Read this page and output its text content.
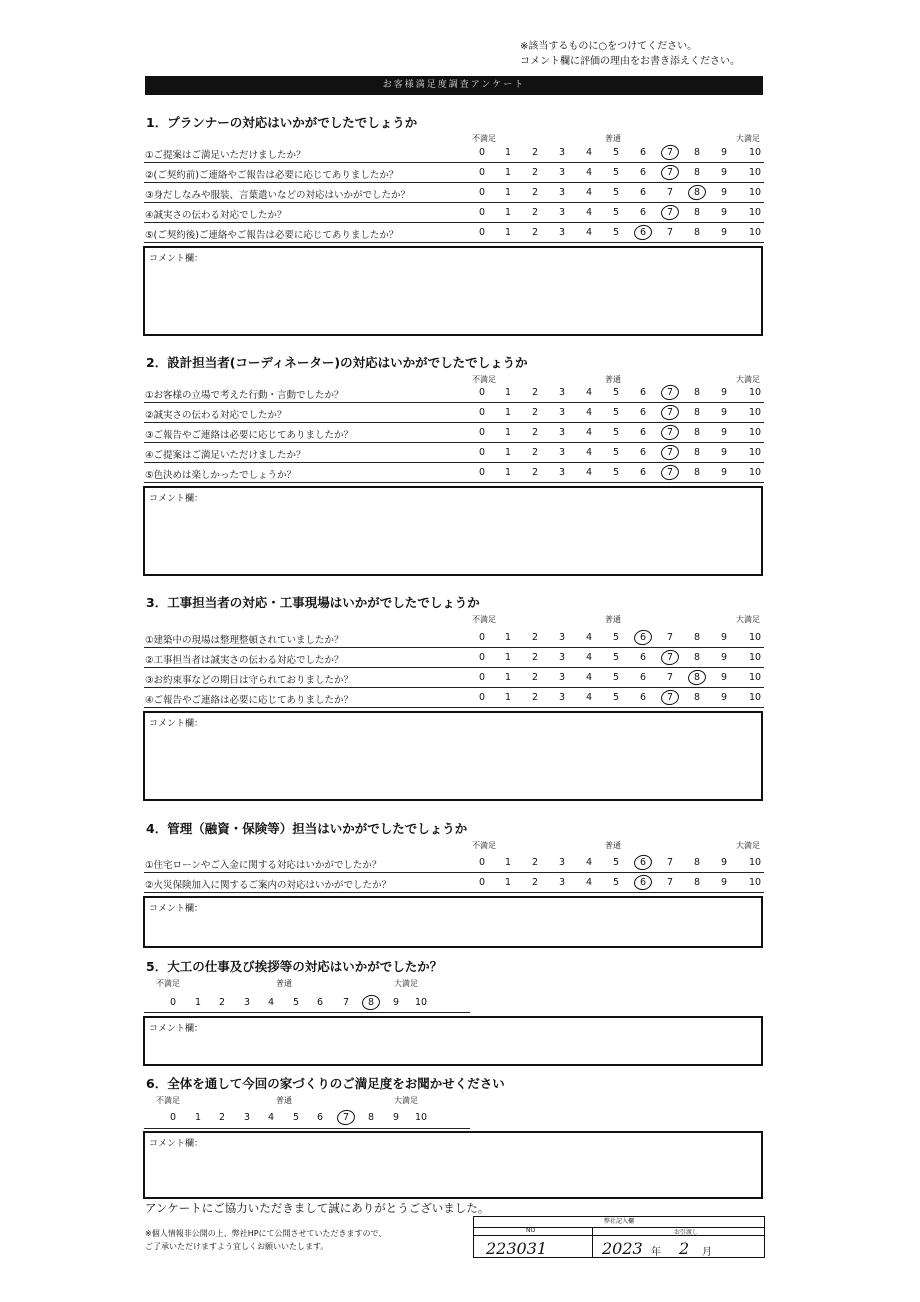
※該当するものに○をつけてください。
コメント欄に評価の理由をお書き添えください。
お客様満足度調査アンケート
1．プランナーの対応はいかがでしたでしょうか
不満足	普通	大満足
①ご提案はご満足いただけましたか？	0	1	2	3	4	5	6	7	8	9	10
②(ご契約前)ご連絡やご報告は必要に応じてありましたか？	0	1	2	3	4	5	6	7	8	9	10
③身だしなみや服装、言葉遣いなどの対応はいかがでしたか？	0	1	2	3	4	5	6	7	8	9	10
④誠実さの伝わる対応でしたか？	0	1	2	3	4	5	6	7	8	9	10
⑤(ご契約後)ご連絡やご報告は必要に応じてありましたか？	0	1	2	3	4	5	6	7	8	9	10
コメント欄：
2．設計担当者(コーディネーター)の対応はいかがでしたでしょうか
不満足	普通	大満足
①お客様の立場で考えた行動・言動でしたか？	0	1	2	3	4	5	6	7	8	9	10
②誠実さの伝わる対応でしたか？	0	1	2	3	4	5	6	7	8	9	10
③ご報告やご連絡は必要に応じてありましたか？	0	1	2	3	4	5	6	7	8	9	10
④ご提案はご満足いただけましたか？	0	1	2	3	4	5	6	7	8	9	10
⑤色決めは楽しかったでしょうか？	0	1	2	3	4	5	6	7	8	9	10
コメント欄：
3．工事担当者の対応・工事現場はいかがでしたでしょうか
不満足	普通	大満足
①建築中の現場は整理整頓されていましたか？	0	1	2	3	4	5	6	7	8	9	10
②工事担当者は誠実さの伝わる対応でしたか？	0	1	2	3	4	5	6	7	8	9	10
③お約束事などの期日は守られておりましたか？	0	1	2	3	4	5	6	7	8	9	10
④ご報告やご連絡は必要に応じてありましたか？	0	1	2	3	4	5	6	7	8	9	10
コメント欄：
4．管理（融資・保険等）担当はいかがでしたでしょうか
不満足	普通	大満足
①住宅ローンやご入金に関する対応はいかがでしたか？	0	1	2	3	4	5	6	7	8	9	10
②火災保険加入に関するご案内の対応はいかがでしたか？	0	1	2	3	4	5	6	7	8	9	10
コメント欄：
5．大工の仕事及び挨拶等の対応はいかがでしたか？
不満足	普通	大満足
0	1	2	3	4	5	6	7	8	9	10
コメント欄：
6．全体を通して今回の家づくりのご満足度をお聞かせください
不満足	普通	大満足
0	1	2	3	4	5	6	7	8	9	10
コメント欄：
アンケートにご協力いただきまして誠にありがとうございました。
※個人情報非公開の上、弊社HPにて公開させていただきますので、
ご了承いただけますよう宜しくお願いいたします。
弊社記入欄
NO	お引渡し
223031	2023 年 2 月
